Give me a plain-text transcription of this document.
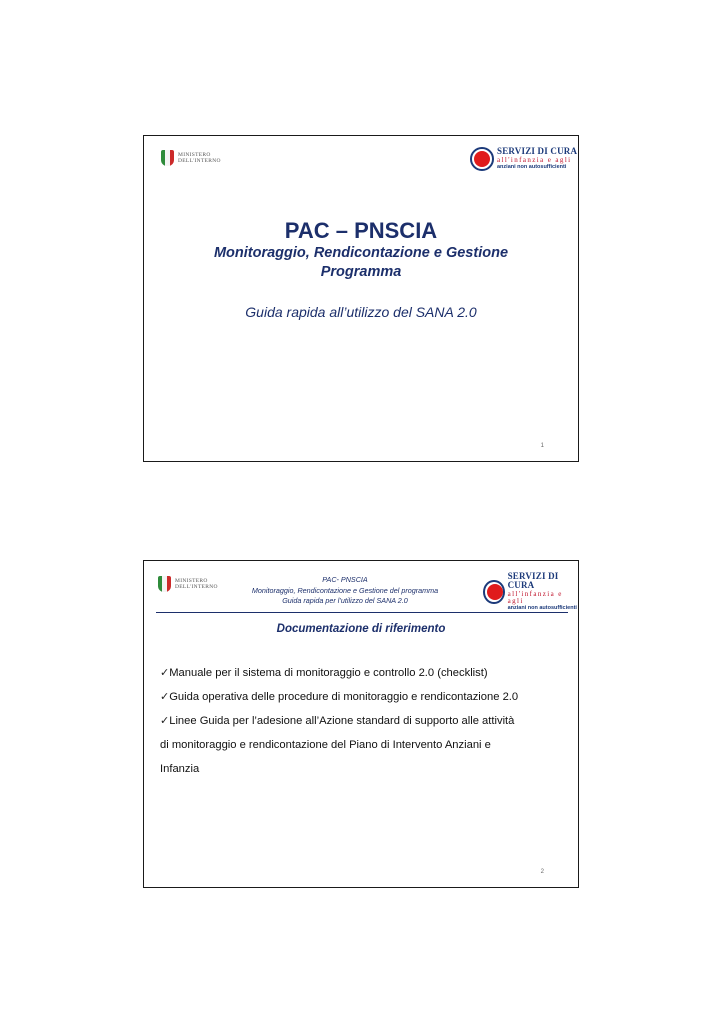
MINISTERO
DELL'INTERNO
SERVIZI DI CURA
all'infanzia e agli
anziani non autosufficienti
PAC – PNSCIA
Monitoraggio, Rendicontazione e Gestione
Programma
Guida rapida all’utilizzo del SANA 2.0
1
MINISTERO
DELL'INTERNO
PAC- PNSCIA
Monitoraggio, Rendicontazione e Gestione del programma
Guida rapida per l’utilizzo del SANA 2.0
SERVIZI DI CURA
all'infanzia e agli
anziani non autosufficienti
Documentazione di riferimento
✓Manuale per il sistema di monitoraggio e controllo 2.0 (checklist)
✓Guida operativa delle procedure di monitoraggio e rendicontazione 2.0
✓Linee Guida per l’adesione all’Azione standard di supporto alle attività
di monitoraggio e rendicontazione del Piano di Intervento Anziani e
Infanzia
2
